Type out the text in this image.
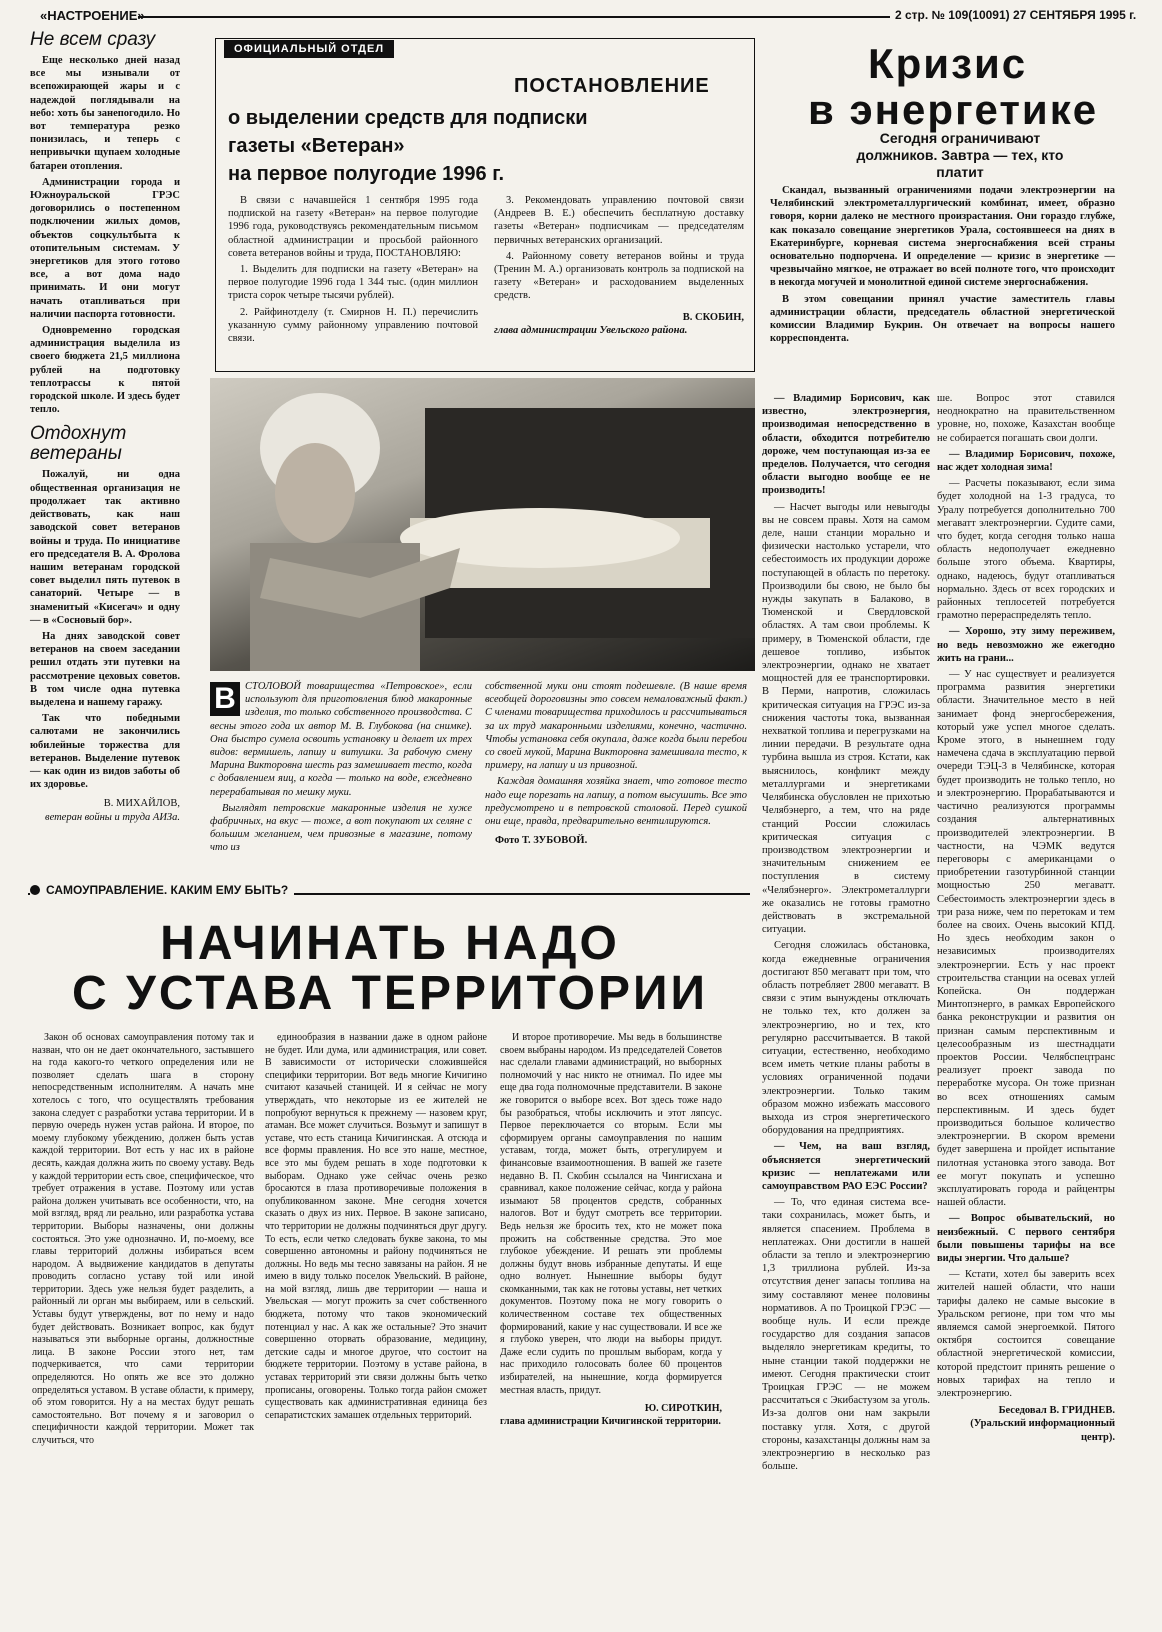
«НАСТРОЕНИЕ»	2 стр. № 109(10091) 27 СЕНТЯБРЯ 1995 г.
Не всем сразу

Еще несколько дней назад все мы изнывали от всепожирающей жары и с надеждой поглядывали на небо: хоть бы занепогодило. Но вот температура резко понизилась, и теперь с непривычки щупаем холодные батареи отопления.

Администрации города и Южноуральской ГРЭС договорились о постепенном подключении жилых домов, объектов соцкультбыта к отопительным системам. У энергетиков для этого готово все, а вот дома надо принимать. И они могут начать отапливаться при наличии паспорта готовности.

Одновременно городская администрация выделила из своего бюджета 21,5 миллиона рублей на подготовку теплотрассы к пятой городской школе. И здесь будет тепло.

Отдохнут ветераны

Пожалуй, ни одна общественная организация не продолжает так активно действовать, как наш заводской совет ветеранов войны и труда. По инициативе его председателя В. А. Фролова нашим ветеранам городской совет выделил пять путевок в санаторий. Четыре — в знаменитый «Кисегач» и одну — в «Сосновый бор».

На днях заводской совет ветеранов на своем заседании решил отдать эти путевки на рассмотрение цеховых советов. В том числе одна путевка выделена и нашему гаражу.

Так что победными салютами не закончились юбилейные торжества для ветеранов. Выделение путевок — как один из видов заботы об их здоровье.

В. МИХАЙЛОВ,
ветеран войны и труда АИЗа.
ОФИЦИАЛЬНЫЙ ОТДЕЛ
ПОСТАНОВЛЕНИЕ
о выделении средств для подписки
газеты «Ветеран»
на первое полугодие 1996 г.

В связи с начавшейся 1 сентября 1995 года подпиской на газету «Ветеран» на первое полугодие 1996 года, руководствуясь рекомендательным письмом областной администрации и просьбой районного совета ветеранов войны и труда, ПОСТАНОВЛЯЮ:

1. Выделить для подписки на газету «Ветеран» на первое полугодие 1996 года 1 344 тыс. (один миллион триста сорок четыре тысячи рублей).

2. Райфинотделу (т. Смирнов Н. П.) перечислить указанную сумму районному управлению почтовой связи.

3. Рекомендовать управлению почтовой связи (Андреев В. Е.) обеспечить бесплатную доставку газеты «Ветеран» подписчикам — председателям первичных ветеранских организаций.

4. Районному совету ветеранов войны и труда (Тренин М. А.) организовать контроль за подпиской на газету «Ветеран» и расходованием выделенных средств.

В. СКОБИН,
глава администрации Увельского района.
В СТОЛОВОЙ товарищества «Петровское», если используют для приготовления блюд макаронные изделия, то только собственного производства. С весны этого года их автор М. В. Глубокова (на снимке). Она быстро сумела освоить установку и делает их трех видов: вермишель, лапшу и витушки. За рабочую смену Марина Викторовна шесть раз замешивает тесто, когда с добавлением яиц, а когда — только на воде, ежедневно перерабатывая по мешку муки.

Выглядят петровские макаронные изделия не хуже фабричных, на вкус — тоже, а вот покупают их селяне с большим желанием, чем привозные в магазине, потому что из

собственной муки они стоят подешевле. (В наше время всеобщей дороговизны это совсем немаловажный факт.) С членами товарищества приходилось и рассчитываться за их труд макаронными изделиями, конечно, частично. Чтобы установка себя окупала, даже когда были перебои со своей мукой, Марина Викторовна замешивала тесто, к примеру, на лапшу и из привозной.

Каждая домашняя хозяйка знает, что готовое тесто надо еще порезать на лапшу, а потом высушить. Все это предусмотрено и в петровской столовой. Перед сушкой они еще, правда, предварительно вентилируются.

Фото Т. ЗУБОВОЙ.
Кризис
в энергетике
Сегодня ограничивают должников. Завтра — тех, кто платит

Скандал, вызванный ограничениями подачи электроэнергии на Челябинский электрометаллургический комбинат, имеет, образно говоря, корни далеко не местного произрастания. Они гораздо глубже, как показало совещание энергетиков Урала, состоявшееся на днях в Екатеринбурге, корневая система энергоснабжения всей страны основательно подпорчена. И определение — кризис в энергетике — чрезвычайно мягкое, не отражает во всей полноте того, что происходит в некогда могучей и монолитной единой системе энергоснабжения.

В этом совещании принял участие заместитель главы администрации области, председатель областной энергетической комиссии Владимир Букрин. Он отвечает на вопросы нашего корреспондента.

— Владимир Борисович, как известно, электроэнергия, производимая непосредственно в области, обходится потребителю дороже, чем поступающая из-за ее пределов. Получается, что сегодня области выгодно вообще ее не производить!

— Насчет выгоды или невыгоды вы не совсем правы. Хотя на самом деле, наши станции морально и физически настолько устарели, что себестоимость их продукции дороже поступающей в область по перетоку. Производили бы свою, не было бы нужды закупать в Балаково, в Тюменской и Свердловской областях. А там свои проблемы. К примеру, в Тюменской области, где дешевое топливо, избыток электроэнергии, однако не хватает мощностей для ее транспортировки. В Перми, напротив, сложилась критическая ситуация на ГРЭС из-за снижения частоты тока, вызванная нехваткой топлива и перегрузками на линии передачи. В результате одна турбина вышла из строя. Кстати, как выяснилось, конфликт между металлургами и энергетиками Челябинска обусловлен не прихотью Челябэнерго, а тем, что на ряде станций России сложилась критическая ситуация с производством электроэнергии и значительным снижением ее поступления в систему «Челябэнерго». Электрометаллурги же оказались не готовы грамотно действовать в экстремальной ситуации.

Сегодня сложилась обстановка, когда ежедневные ограничения достигают 850 мегаватт при том, что область потребляет 2800 мегаватт. В связи с этим вынуждены отключать не только тех, кто должен за электроэнергию, но и тех, кто регулярно рассчитывается. В такой ситуации, естественно, необходимо всем иметь четкие планы работы в условиях ограниченной подачи электроэнергии. Только таким образом можно избежать массового выхода из строя энергетического оборудования на предприятиях.

— Чем, на ваш взгляд, объясняется энергетический кризис — неплатежами или самоуправством РАО ЕЭС России?

— То, что единая система все-таки сохранилась, может быть, и является спасением. Проблема в неплатежах. Они достигли в нашей области за тепло и электроэнергию 1,3 триллиона рублей. Из-за отсутствия денег запасы топлива на зиму составляют менее половины нормативов. А по Троицкой ГРЭС — вообще нуль. И если прежде государство для создания запасов выделяло энергетикам кредиты, то ныне станции такой поддержки не имеют. Сегодня практически стоит Троицкая ГРЭС — не можем рассчитаться с Экибастузом за уголь. Из-за долгов они нам закрыли поставку угля. Хотя, с другой стороны, казахстанцы должны нам за электроэнергию в несколько раз больше.

ше. Вопрос этот ставился неоднократно на правительственном уровне, но, похоже, Казахстан вообще не собирается погашать свои долги.

— Владимир Борисович, похоже, нас ждет холодная зима!

— Расчеты показывают, если зима будет холодной на 1-3 градуса, то Уралу потребуется дополнительно 700 мегаватт электроэнергии. Судите сами, что будет, когда сегодня только наша область недополучает ежедневно больше этого объема. Квартиры, однако, надеюсь, будут отапливаться нормально. Здесь от всех городских и районных теплосетей потребуется грамотно перераспределять тепло.

— Хорошо, эту зиму переживем, но ведь невозможно же ежегодно жить на грани...

— У нас существует и реализуется программа развития энергетики области. Значительное место в ней занимает фонд энергосбережения, который уже успел многое сделать. Кроме этого, в нынешнем году намечена сдача в эксплуатацию первой очереди ТЭЦ-3 в Челябинске, которая будет производить не только тепло, но и электроэнергию. Прорабатываются и частично реализуются программы создания альтернативных производителей электроэнергии. В частности, на ЧЭМК ведутся переговоры с американцами о приобретении газотурбинной станции мощностью 250 мегаватт. Себестоимость электроэнергии здесь в три раза ниже, чем по перетокам и тем более на своих. Очень высокий КПД. Но здесь необходим закон о независимых производителях электроэнергии. Есть у нас проект строительства станции на осевах углей Копейска. Он поддержан Минтопэнерго, в рамках Европейского банка реконструкции и развития он признан самым перспективным и целесообразным из шестнадцати проектов России. Челябспецтранс реализует проект завода по переработке мусора. Он тоже признан во всех отношениях самым перспективным. И здесь будет производиться большое количество электроэнергии. В скором времени будет завершена и пройдет испытание пилотная установка этого завода. Вот ее могут покупать и успешно эксплуатировать города и райцентры нашей области.

— Вопрос обывательский, но неизбежный. С первого сентября были повышены тарифы на все виды энергии. Что дальше?

— Кстати, хотел бы заверить всех жителей нашей области, что наши тарифы далеко не самые высокие в Уральском регионе, при том что мы являемся самой энергоемкой. Пятого октября состоится совещание областной энергетической комиссии, которой предстоит принять решение о новых тарифах на тепло и электроэнергию.

Беседовал В. ГРИДНЕВ.
(Уральский информационный центр).
САМОУПРАВЛЕНИЕ. КАКИМ ЕМУ БЫТЬ?
НАЧИНАТЬ НАДО
С УСТАВА ТЕРРИТОРИИ

Закон об основах самоуправления потому так и назван, что он не дает окончательного, застывшего на года какого-то четкого определения или не позволяет сделать шага в сторону непосредственным исполнителям. А начать мне хотелось с того, что осуществлять требования закона следует с разработки устава территории. И в первую очередь нужен устав района. И второе, по моему глубокому убеждению, должен быть устав каждой территории. Вот есть у нас их в районе десять, каждая должна жить по своему уставу. Ведь у каждой территории есть свое, специфическое, что требует отражения в уставе. Поэтому или устав района должен учитывать все особенности, что, на мой взгляд, вряд ли реально, или разработка устава территории. Выборы назначены, они должны состояться. Это уже однозначно. И, по-моему, все главы территорий должны избираться всем народом. А выдвижение кандидатов в депутаты проводить согласно уставу той или иной территории. Здесь уже нельзя будет разделить, а районный ли орган мы выбираем, или в сельский. Уставы будут утверждены, вот по нему и надо будет действовать. Возникает вопрос, как будут называться эти выборные органы, должностные лица. В законе России этого нет, там подчеркивается, что сами территории определяются. Но опять же все это должно определяться уставом. В уставе области, к примеру, об этом говорится. Ну а на местах будут решать самостоятельно. Вот почему я и заговорил о специфичности каждой территории. Может так случиться, что

единообразия в названии даже в одном районе не будет. Или дума, или администрация, или совет. В зависимости от исторически сложившейся специфики территории. Вот ведь многие Кичигино считают казачьей станицей. И я сейчас не могу утверждать, что некоторые из ее жителей не попробуют вернуться к прежнему — назовем круг, атаман. Все может случиться. Возьмут и запишут в уставе, что есть станица Кичигинская. А отсюда и все формы правления. Но все это наше, местное, все это мы будем решать в ходе подготовки к выборам. Однако уже сейчас очень резко бросаются в глаза противоречивые положения в опубликованном законе. Мне сегодня хочется сказать о двух из них. Первое. В законе записано, что территории не должны подчиняться друг другу. То есть, если четко следовать букве закона, то мы совершенно автономны и району подчиняться не должны. Но ведь мы тесно завязаны на район. Я не имею в виду только поселок Увельский. В районе, на мой взгляд, лишь две территории — наша и Увельская — могут прожить за счет собственного бюджета, потому что таков экономический потенциал у нас. А как же остальные? Это значит совершенно оторвать образование, медицину, детские сады и многое другое, что состоит на бюджете территории. Поэтому в уставе района, в уставах территорий эти связи должны быть четко прописаны, оговорены. Только тогда район сможет существовать как административная единица без сепаратистских замашек отдельных территорий.

И второе противоречие. Мы ведь в большинстве своем выбраны народом. Из председателей Советов нас сделали главами администраций, но выборных полномочий у нас никто не отнимал. По идее мы еще два года полномочные представители. В законе же говорится о выборе всех. Вот здесь тоже надо бы разобраться, чтобы исключить и этот ляпсус. Первое переключается со вторым. Если мы сформируем органы самоуправления по нашим уставам, тогда, может быть, отрегулируем и финансовые взаимоотношения. В вашей же газете недавно В. П. Скобин ссылался на Чингисхана и сравнивал, какое положение сейчас, когда у района изымают 58 процентов средств, собранных налогов. Вот и будут смотреть все территории. Ведь нельзя же бросить тех, кто не может пока прожить на собственные средства. Это мое глубокое убеждение. И решать эти проблемы должны будут вновь избранные депутаты. И еще одно волнует. Нынешние выборы будут скомканными, так как не готовы уставы, нет четких документов. Поэтому пока не могу говорить о количественном составе тех общественных формирований, какие у нас существовали. И все же я глубоко уверен, что люди на выборы придут. Даже если судить по прошлым выборам, когда у нас приходило голосовать более 60 процентов избирателей, на нынешние, когда формируется местная власть, придут.

Ю. СИРОТКИН,
глава администрации Кичигинской территории.
